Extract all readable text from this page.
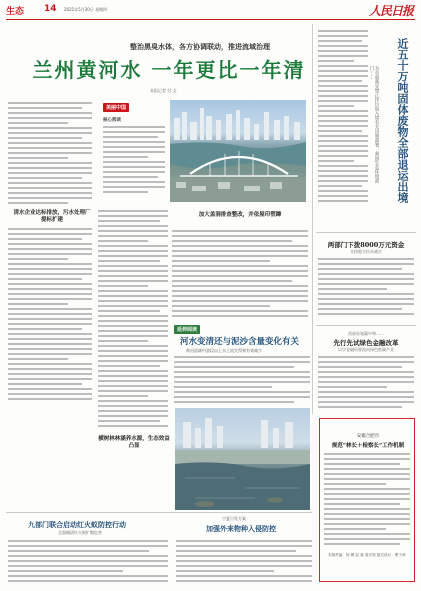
生态 14 2021年5月20日 星期四	人民日报
整治黑臭水体，各方协调联动，推进流域治理
兰州黄河水 一年更比一年清
本报记者 付 文
美丽中国
核心阅读	近五十万吨固体废物全部退运出境
为全面落实禁止洋垃圾入境有关决策部署，我国生态环境部门……
两部门下拨8000万元资金
支持地方抗旱减灾
西部首笔碳中和……
先行先试绿色金融改革
以学金融资源流向绿色低碳产业
清水企业达标排放，污水处理厂提标扩建
横树林林涵养水源，生态效益凸显
加大盖洞排查整改，并依屋印塑蹿
延伸阅读
河水变清还与泥沙含量变化有关
黄河流域中游段以上水土流失得到有效减少
安徽合肥市
规范“林长＋检察长”工作机制
本版责编：杨 柳 赵 赛 姜宏欣 版式设计：曹子帅
九部门联合启动红火蚁防控行动
全面摸清红火蚁扩散危害
宁夏日发方案
加强外来物种入侵防控
